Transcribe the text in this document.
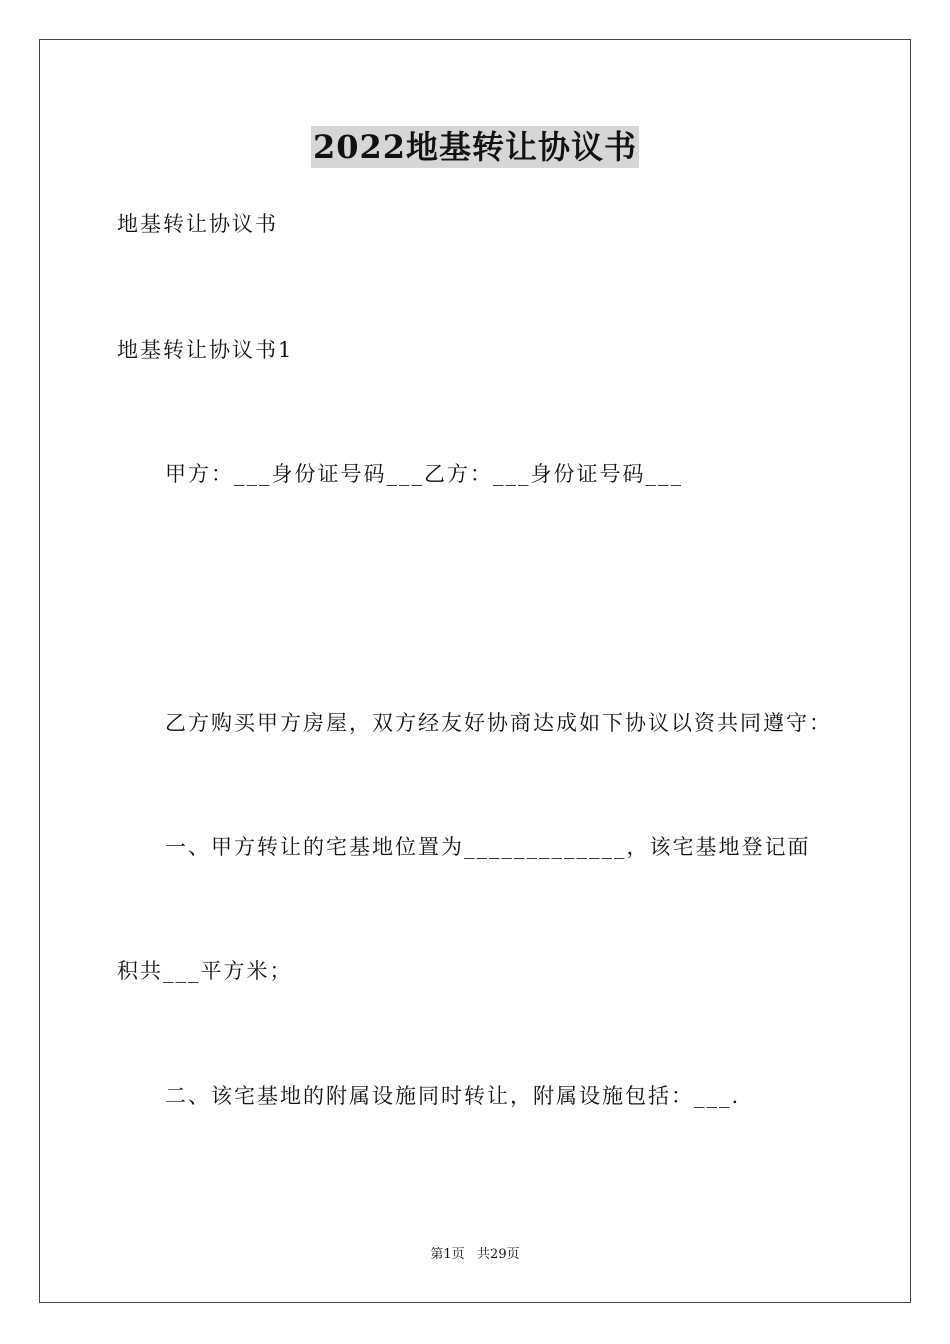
2022地基转让协议书
地基转让协议书
地基转让协议书1
甲方：___身份证号码___乙方：___身份证号码___
乙方购买甲方房屋，双方经友好协商达成如下协议以资共同遵守：
一、甲方转让的宅基地位置为_____________，该宅基地登记面
积共___平方米；
二、该宅基地的附属设施同时转让，附属设施包括：___.
第1页   共29页
